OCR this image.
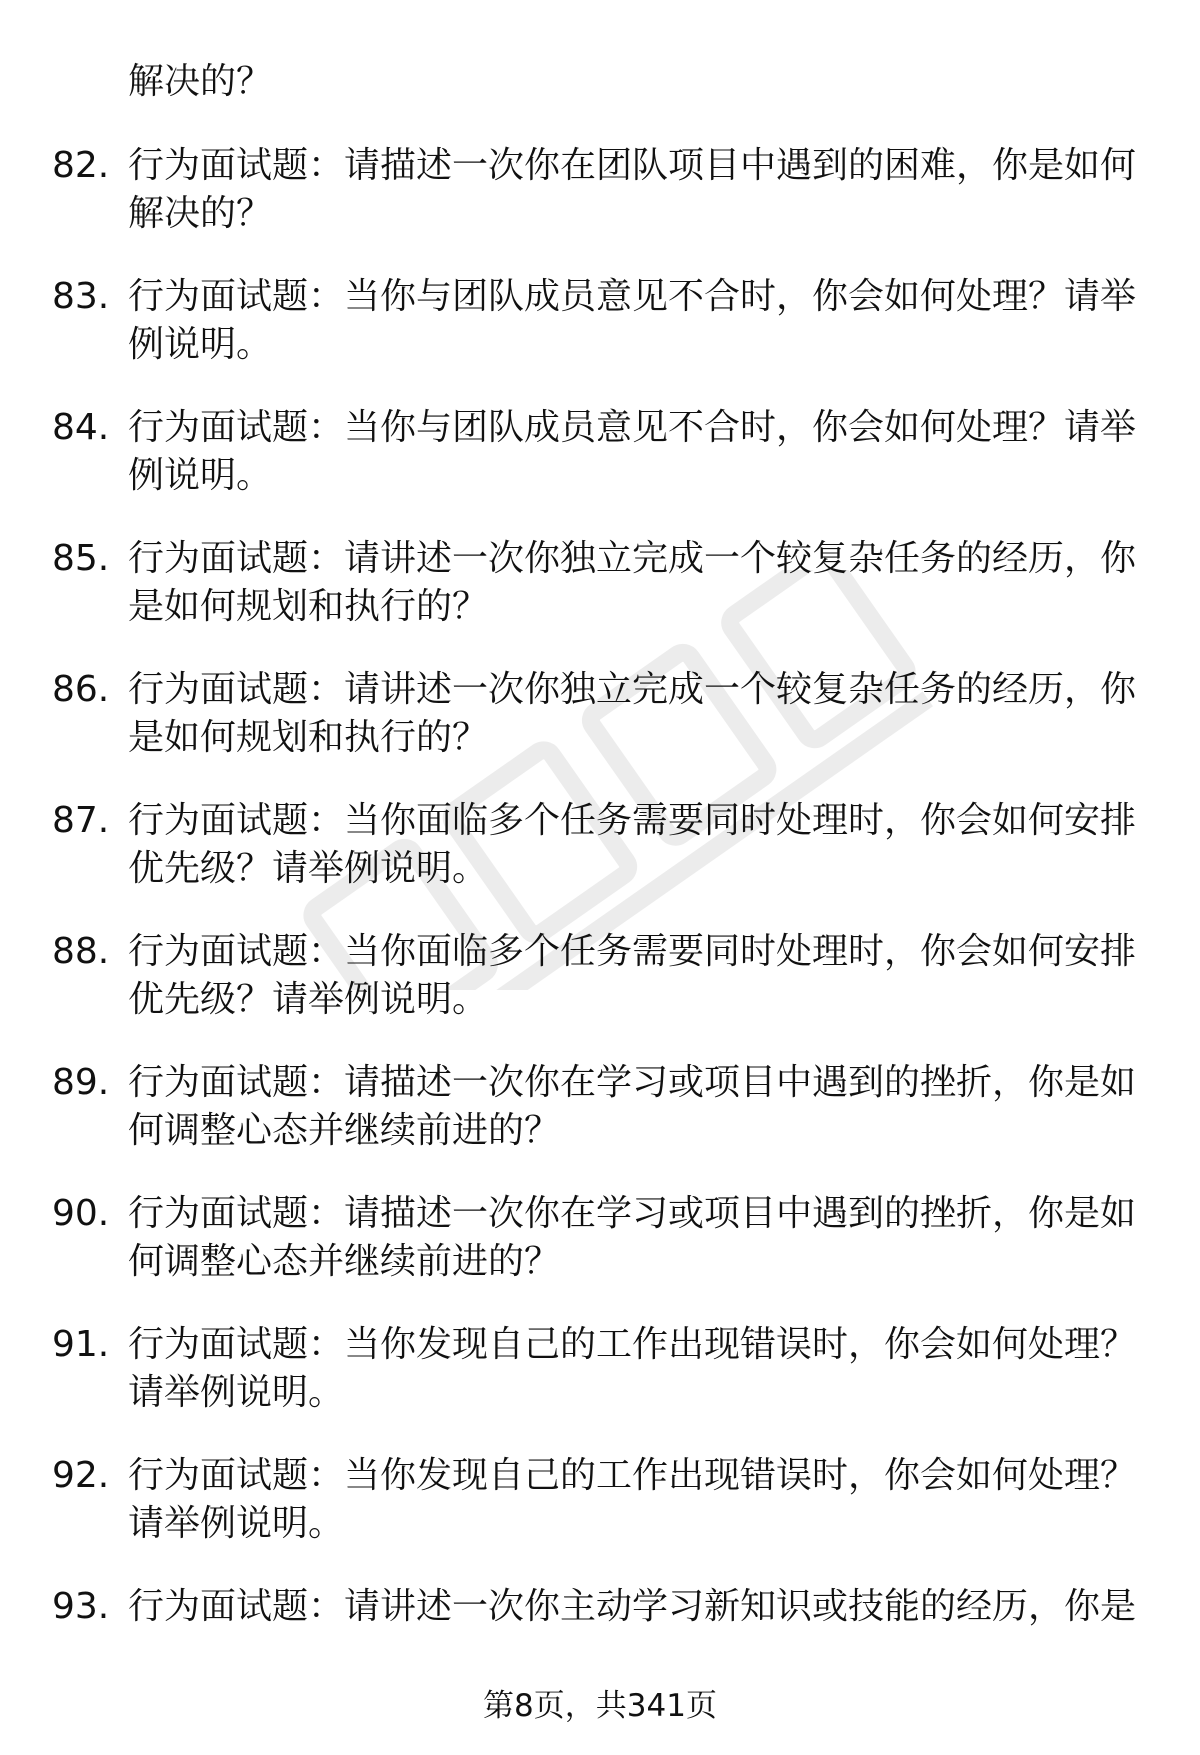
解决的？
82. 行为面试题：请描述一次你在团队项目中遇到的困难，你是如何
解决的？
83. 行为面试题：当你与团队成员意见不合时，你会如何处理？请举
例说明。
84. 行为面试题：当你与团队成员意见不合时，你会如何处理？请举
例说明。
85. 行为面试题：请讲述一次你独立完成一个较复杂任务的经历，你
是如何规划和执行的？
86. 行为面试题：请讲述一次你独立完成一个较复杂任务的经历，你
是如何规划和执行的？
87. 行为面试题：当你面临多个任务需要同时处理时，你会如何安排
优先级？请举例说明。
88. 行为面试题：当你面临多个任务需要同时处理时，你会如何安排
优先级？请举例说明。
89. 行为面试题：请描述一次你在学习或项目中遇到的挫折，你是如
何调整心态并继续前进的？
90. 行为面试题：请描述一次你在学习或项目中遇到的挫折，你是如
何调整心态并继续前进的？
91. 行为面试题：当你发现自己的工作出现错误时，你会如何处理？
请举例说明。
92. 行为面试题：当你发现自己的工作出现错误时，你会如何处理？
请举例说明。
93. 行为面试题：请讲述一次你主动学习新知识或技能的经历，你是
第8页，共341页
